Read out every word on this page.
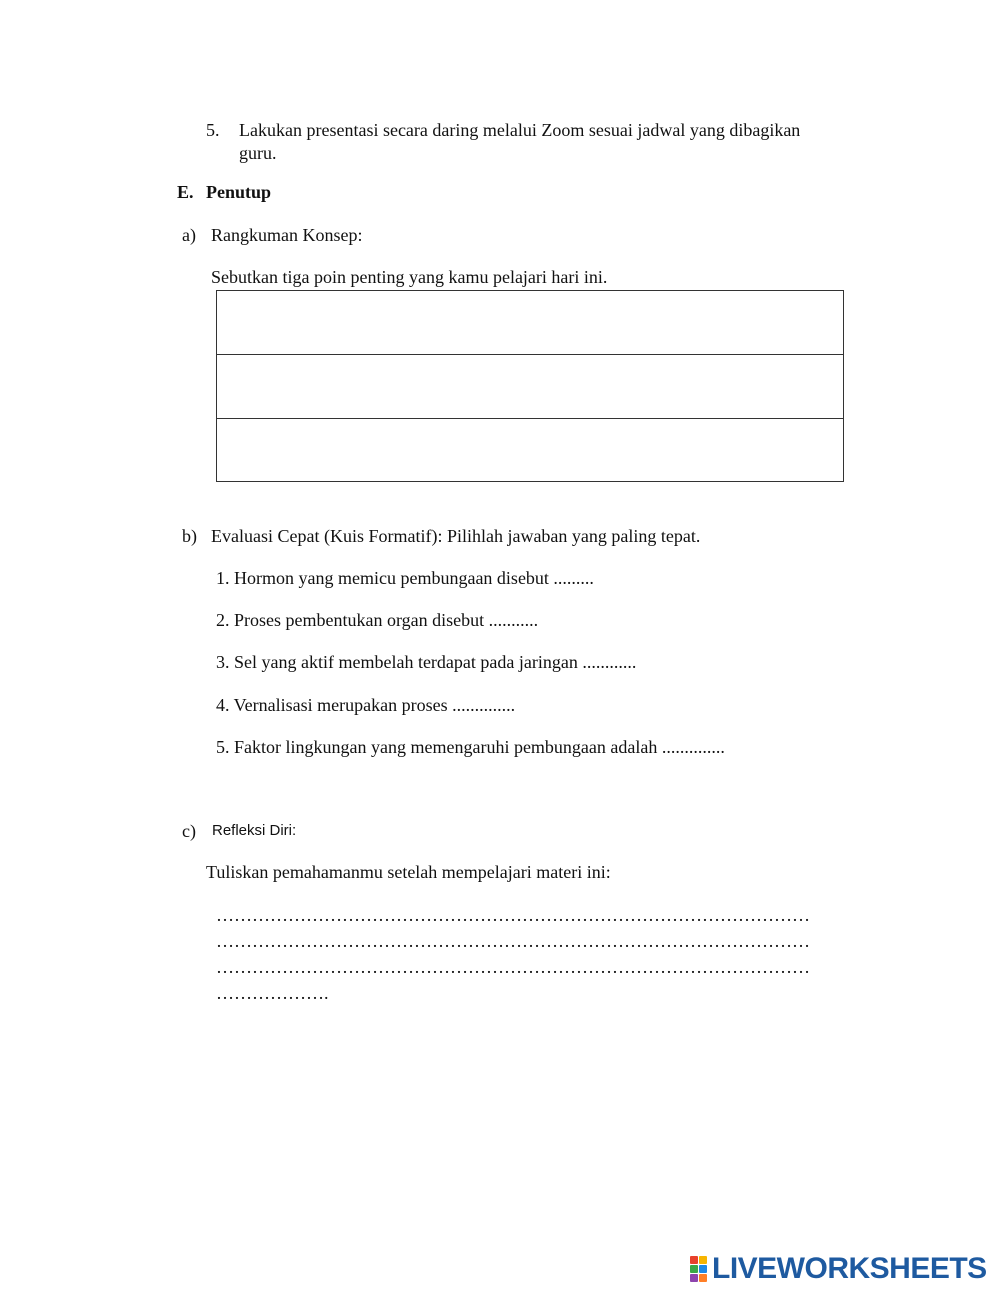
5. Lakukan presentasi secara daring melalui Zoom sesuai jadwal yang dibagikan
guru.
E. Penutup
a) Rangkuman Konsep:
Sebutkan tiga poin penting yang kamu pelajari hari ini.
b) Evaluasi Cepat (Kuis Formatif): Pilihlah jawaban yang paling tepat.
1. Hormon yang memicu pembungaan disebut .........
2. Proses pembentukan organ disebut ...........
3. Sel yang aktif membelah terdapat pada jaringan ............
4. Vernalisasi merupakan proses ..............
5. Faktor lingkungan yang memengaruhi pembungaan adalah ..............
c) Refleksi Diri:
Tuliskan pemahamanmu setelah mempelajari materi ini:
………………………………………………………………………………………
………………………………………………………………………………………
………………………………………………………………………………………
……………….
LIVEWORKSHEETS
